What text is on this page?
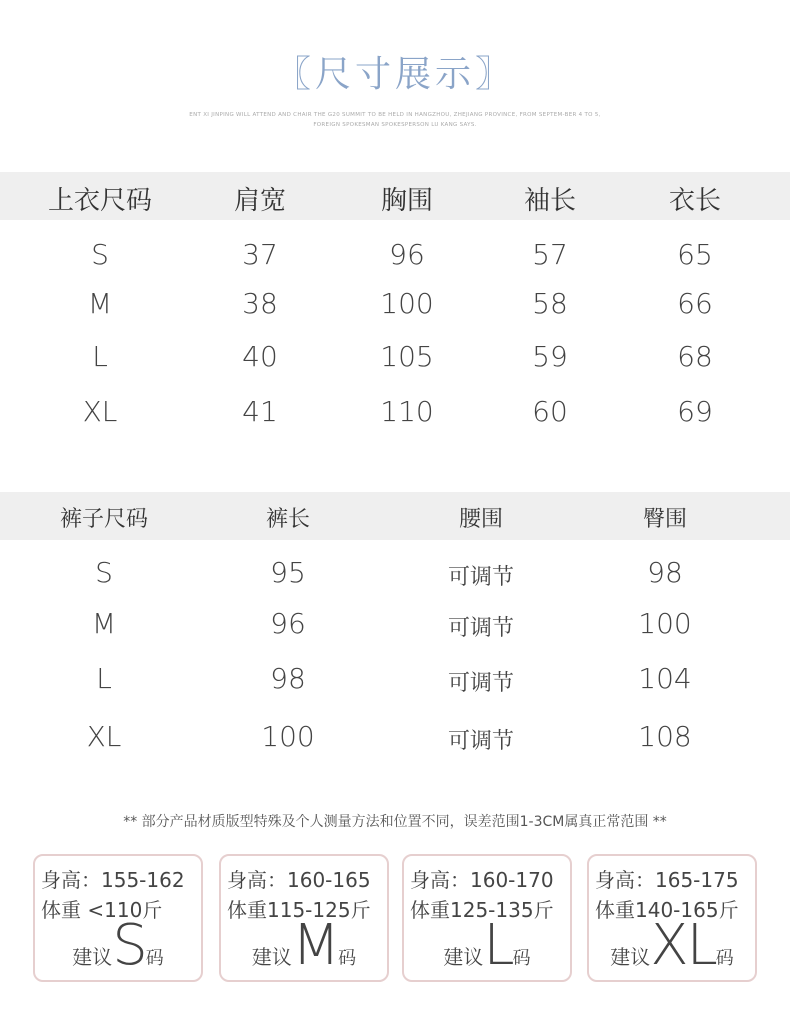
〖尺寸展示〗
ENT XI JINPING WILL ATTEND AND CHAIR THE G20 SUMMIT TO BE HELD IN HANGZHOU, ZHEJIANG PROVINCE, FROM SEPTEM-BER 4 TO 5, FOREIGN SPOKESMAN SPOKESPERSON LU KANG SAYS.
上衣尺码	肩宽	胸围	袖长	衣长
S	37	96	57	65
M	38	100	58	66
L	40	105	59	68
XL	41	110	60	69
裤子尺码	裤长	腰围	臀围
S	95	可调节	98
M	96	可调节	100
L	98	可调节	104
XL	100	可调节	108
** 部分产品材质版型特殊及个人测量方法和位置不同，误差范围1-3CM属真正常范围 **
身高：155-162
体重 <110斤
建议S码
身高：160-165
体重115-125斤
建议M码
身高：160-170
体重125-135斤
建议L码
身高：165-175
体重140-165斤
建议XL码
